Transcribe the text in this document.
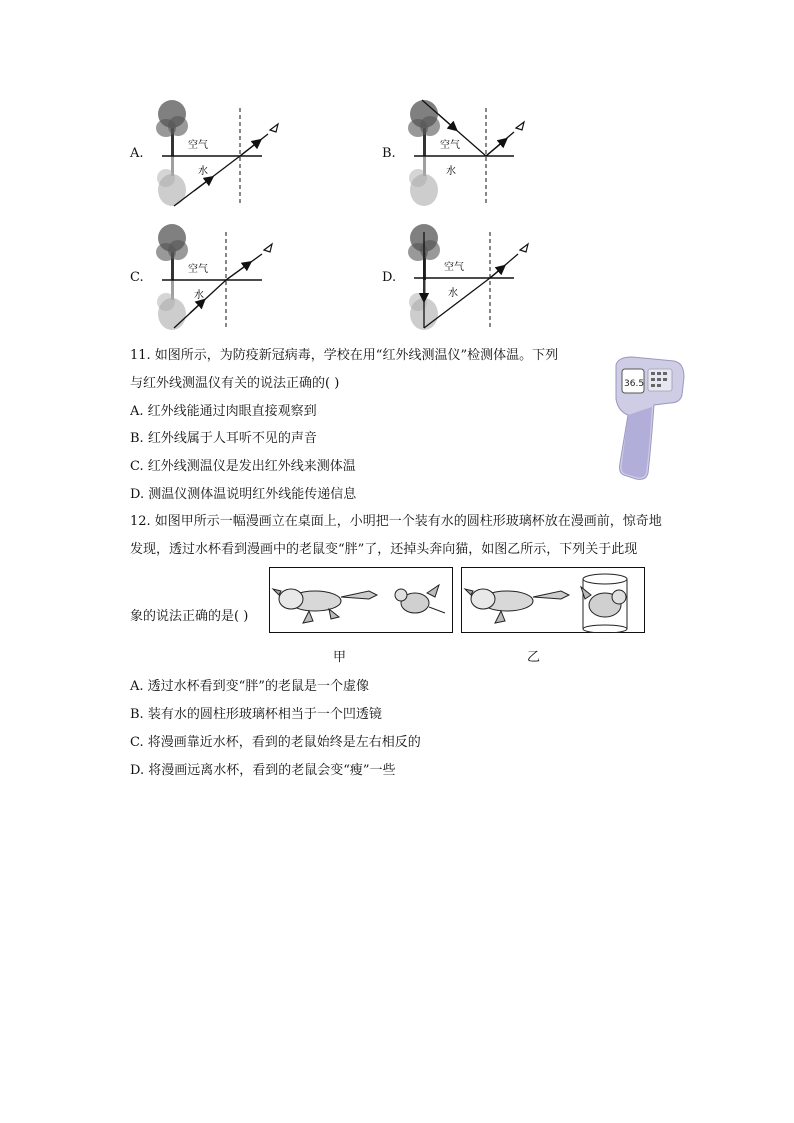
A.	B.
C.	D.
空气
水
空气
水
空气
水
空气
水
11. 如图所示，为防疫新冠病毒，学校在用“红外线测温仪”检测体温。下列
与红外线测温仪有关的说法正确的( )
A. 红外线能通过肉眼直接观察到
B. 红外线属于人耳听不见的声音
C. 红外线测温仪是发出红外线来测体温
D. 测温仪测体温说明红外线能传递信息
36.5
12. 如图甲所示一幅漫画立在桌面上，小明把一个装有水的圆柱形玻璃杯放在漫画前，惊奇地
发现，透过水杯看到漫画中的老鼠变“胖”了，还掉头奔向猫，如图乙所示，下列关于此现
象的说法正确的是( )
甲	乙
A. 透过水杯看到变“胖”的老鼠是一个虚像
B. 装有水的圆柱形玻璃杯相当于一个凹透镜
C. 将漫画靠近水杯，看到的老鼠始终是左右相反的
D. 将漫画远离水杯，看到的老鼠会变“瘦”一些
